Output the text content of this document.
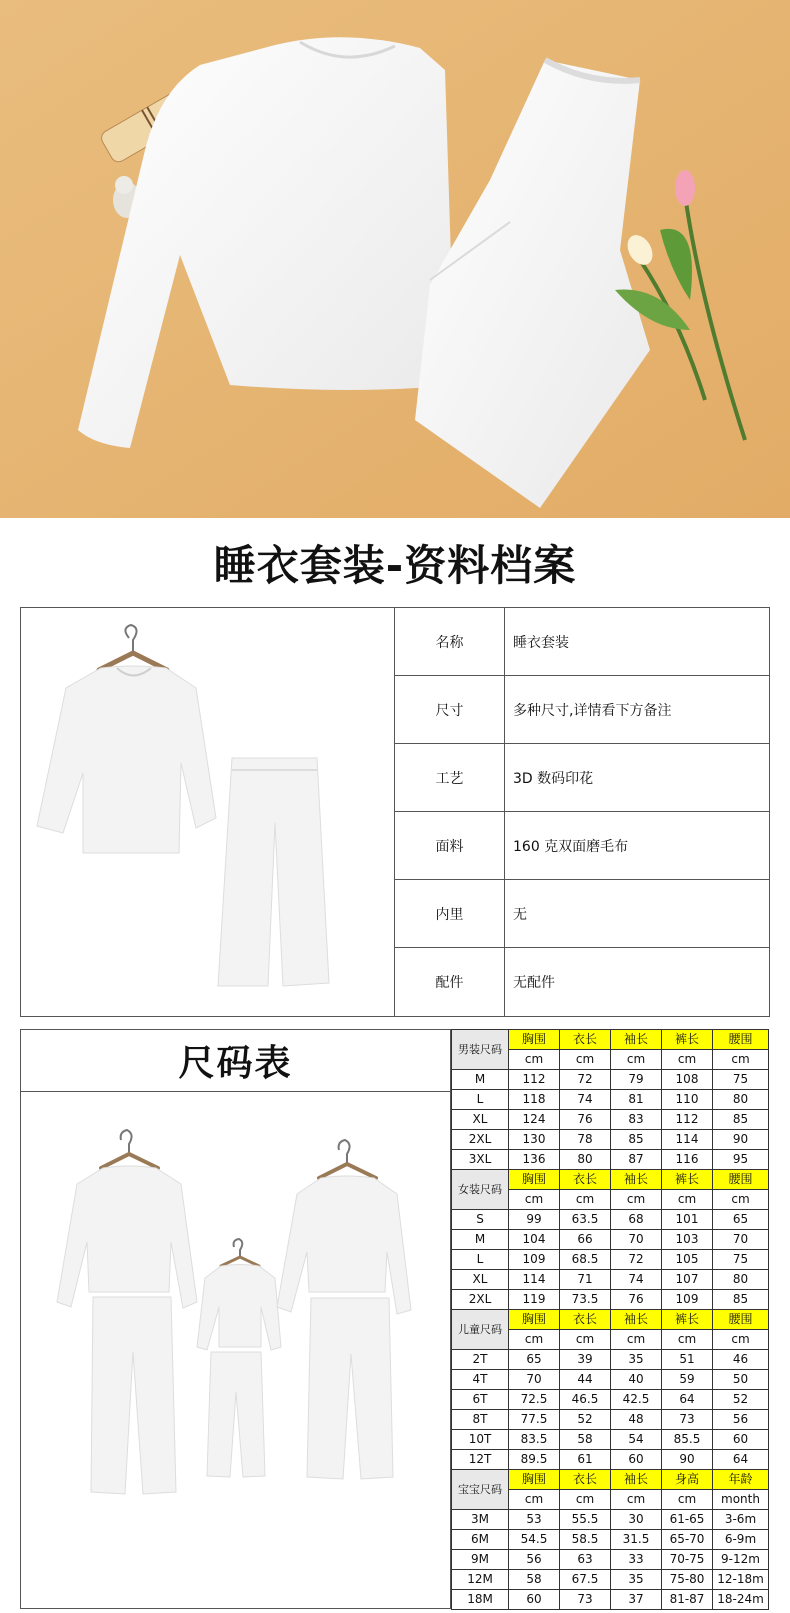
睡衣套装-资料档案
名称	睡衣套装
尺寸	多种尺寸,详情看下方备注
工艺	3D 数码印花
面料	160 克双面磨毛布
内里	无
配件	无配件
尺码表	男装尺码	胸围	衣长	袖长	裤长	腰围
	cm	cm	cm	cm	cm
M	112	72	79	108	75
L	118	74	81	110	80
XL	124	76	83	112	85
2XL	130	78	85	114	90
3XL	136	80	87	116	95
女装尺码	胸围	衣长	袖长	裤长	腰围
	cm	cm	cm	cm	cm
S	99	63.5	68	101	65
M	104	66	70	103	70
L	109	68.5	72	105	75
XL	114	71	74	107	80
2XL	119	73.5	76	109	85
儿童尺码	胸围	衣长	袖长	裤长	腰围
	cm	cm	cm	cm	cm
2T	65	39	35	51	46
4T	70	44	40	59	50
6T	72.5	46.5	42.5	64	52
8T	77.5	52	48	73	56
10T	83.5	58	54	85.5	60
12T	89.5	61	60	90	64
宝宝尺码	胸围	衣长	袖长	身高	年龄
	cm	cm	cm	cm	month
3M	53	55.5	30	61-65	3-6m
6M	54.5	58.5	31.5	65-70	6-9m
9M	56	63	33	70-75	9-12m
12M	58	67.5	35	75-80	12-18m
18M	60	73	37	81-87	18-24m
